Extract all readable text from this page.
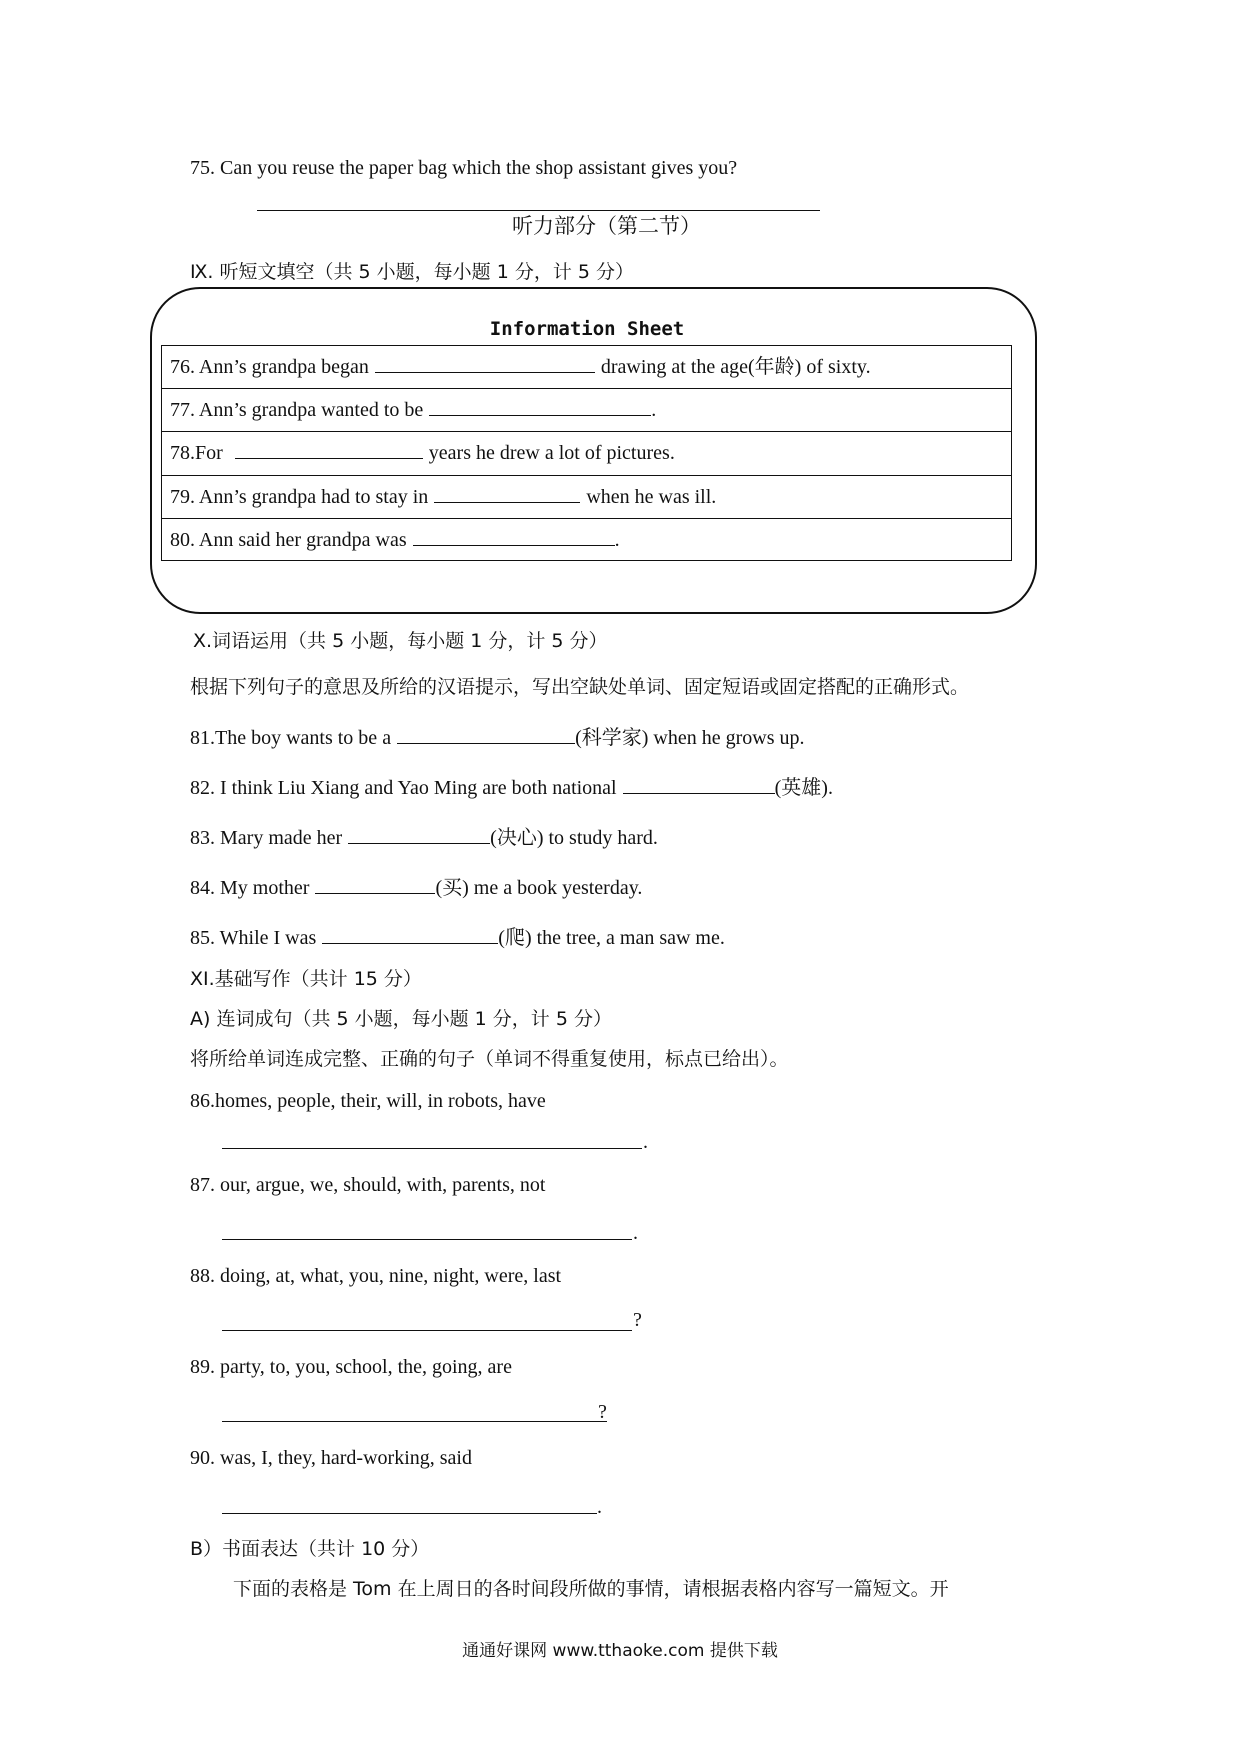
75. Can you reuse the paper bag which the shop assistant gives you?
听力部分（第二节）
Ⅸ. 听短文填空（共 5 小题，每小题 1 分，计 5 分）
Information Sheet
76. Ann’s grandpa began	drawing at the age(年龄) of sixty.
77. Ann’s grandpa wanted to be	.
78.For	years he drew a lot of pictures.
79. Ann’s grandpa had to stay in	when he was ill.
80. Ann said her grandpa was	.
Ⅹ.词语运用（共 5 小题，每小题 1 分，计 5 分）
根据下列句子的意思及所给的汉语提示，写出空缺处单词、固定短语或固定搭配的正确形式。
81.The boy wants to be a	(科学家) when he grows up.
82. I think Liu Xiang and Yao Ming are both national	(英雄).
83. Mary made her	(决心) to study hard.
84. My mother	(买) me a book yesterday.
85. While I was	(爬) the tree, a man saw me.
XI.基础写作（共计 15 分）
A) 连词成句（共 5 小题，每小题 1 分，计 5 分）
将所给单词连成完整、正确的句子（单词不得重复使用，标点已给出）。
86.homes, people, their, will, in robots, have
.
87. our, argue, we, should, with, parents, not
.
88. doing, at, what, you, nine, night, were, last
?
89. party, to, you, school, the, going, are
?
90. was, I, they, hard-working, said
.
B）书面表达（共计 10 分）
下面的表格是 Tom 在上周日的各时间段所做的事情，请根据表格内容写一篇短文。开
通通好课网 www.tthaoke.com 提供下载
